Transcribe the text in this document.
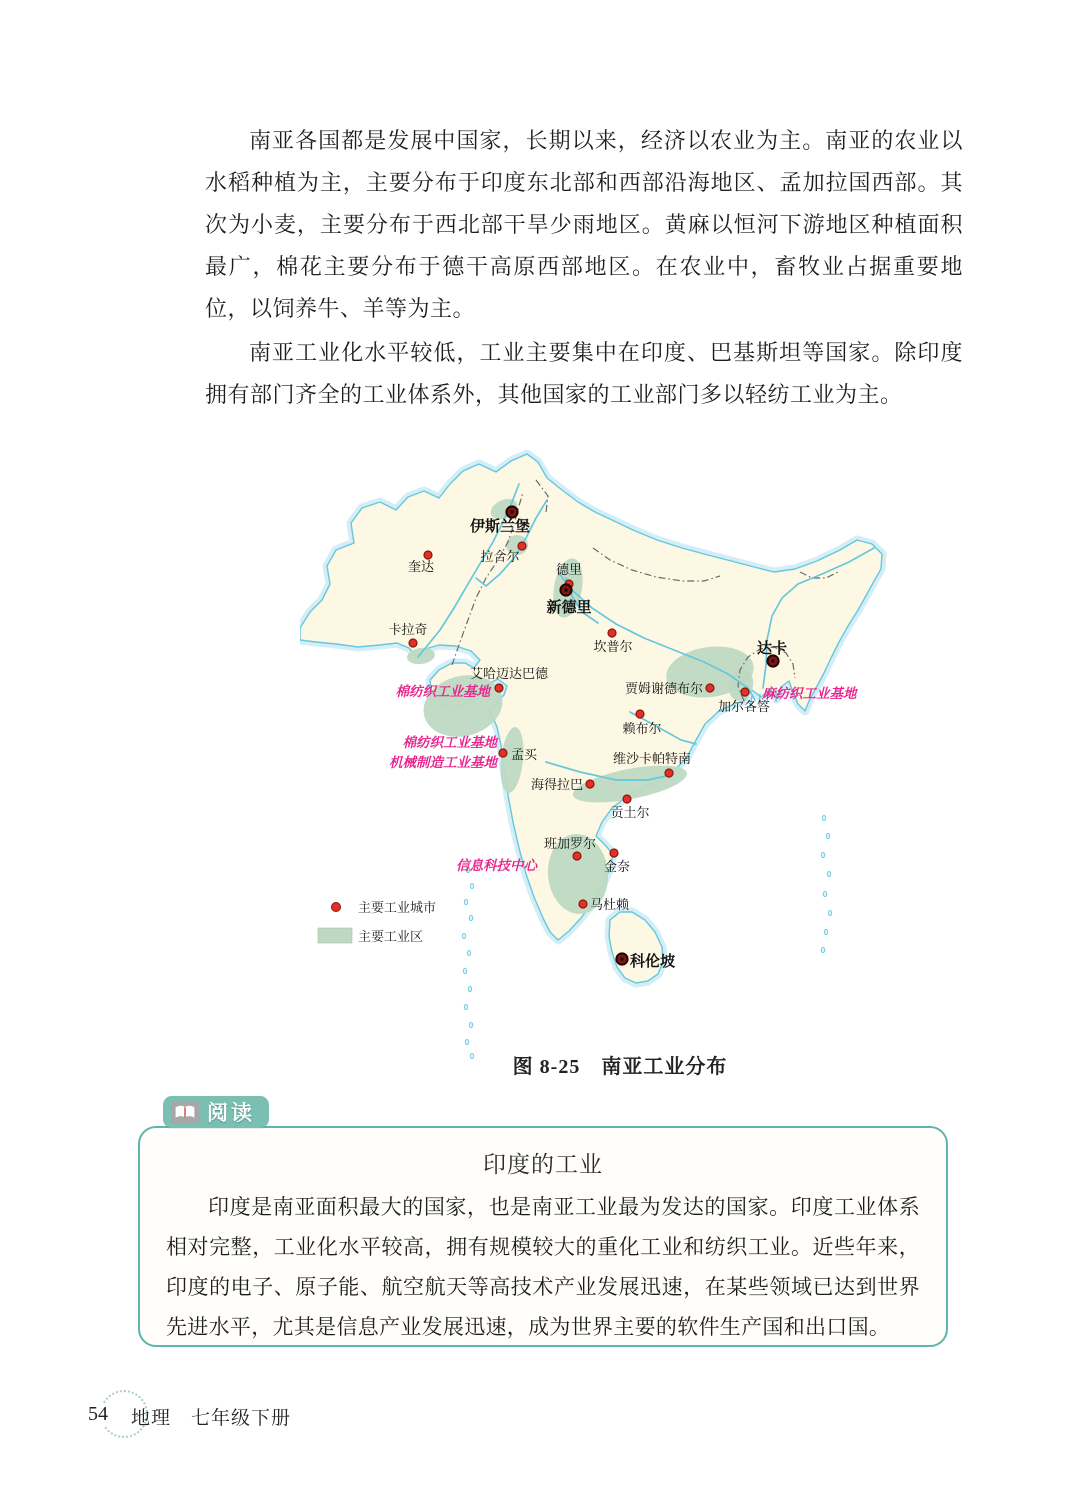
南亚各国都是发展中国家，长期以来，经济以农业为主。南亚的农业以水稻种植为主，主要分布于印度东北部和西部沿海地区、孟加拉国西部。其次为小麦，主要分布于西北部干旱少雨地区。黄麻以恒河下游地区种植面积最广，棉花主要分布于德干高原西部地区。在农业中，畜牧业占据重要地位，以饲养牛、羊等为主。

南亚工业化水平较低，工业主要集中在印度、巴基斯坦等国家。除印度拥有部门齐全的工业体系外，其他国家的工业部门多以轻纺工业为主。

伊斯兰堡
拉合尔
奎达	德里
新德里
卡拉奇
坎普尔	达卡
艾哈迈达巴德
贾姆谢德布尔
加尔各答
赖布尔
孟买	维沙卡帕特南
海得拉巴
贡土尔
班加罗尔
金奈
马杜赖
科伦坡
棉纺织工业基地
棉纺织工业基地
机械制造工业基地
麻纺织工业基地
信息科技中心
主要工业城市
主要工业区
图 8-25　南亚工业分布
阅读
印度的工业

印度是南亚面积最大的国家，也是南亚工业最为发达的国家。印度工业体系相对完整，工业化水平较高，拥有规模较大的重化工业和纺织工业。近些年来，印度的电子、原子能、航空航天等高技术产业发展迅速，在某些领域已达到世界先进水平，尤其是信息产业发展迅速，成为世界主要的软件生产国和出口国。

54 地理　七年级下册
